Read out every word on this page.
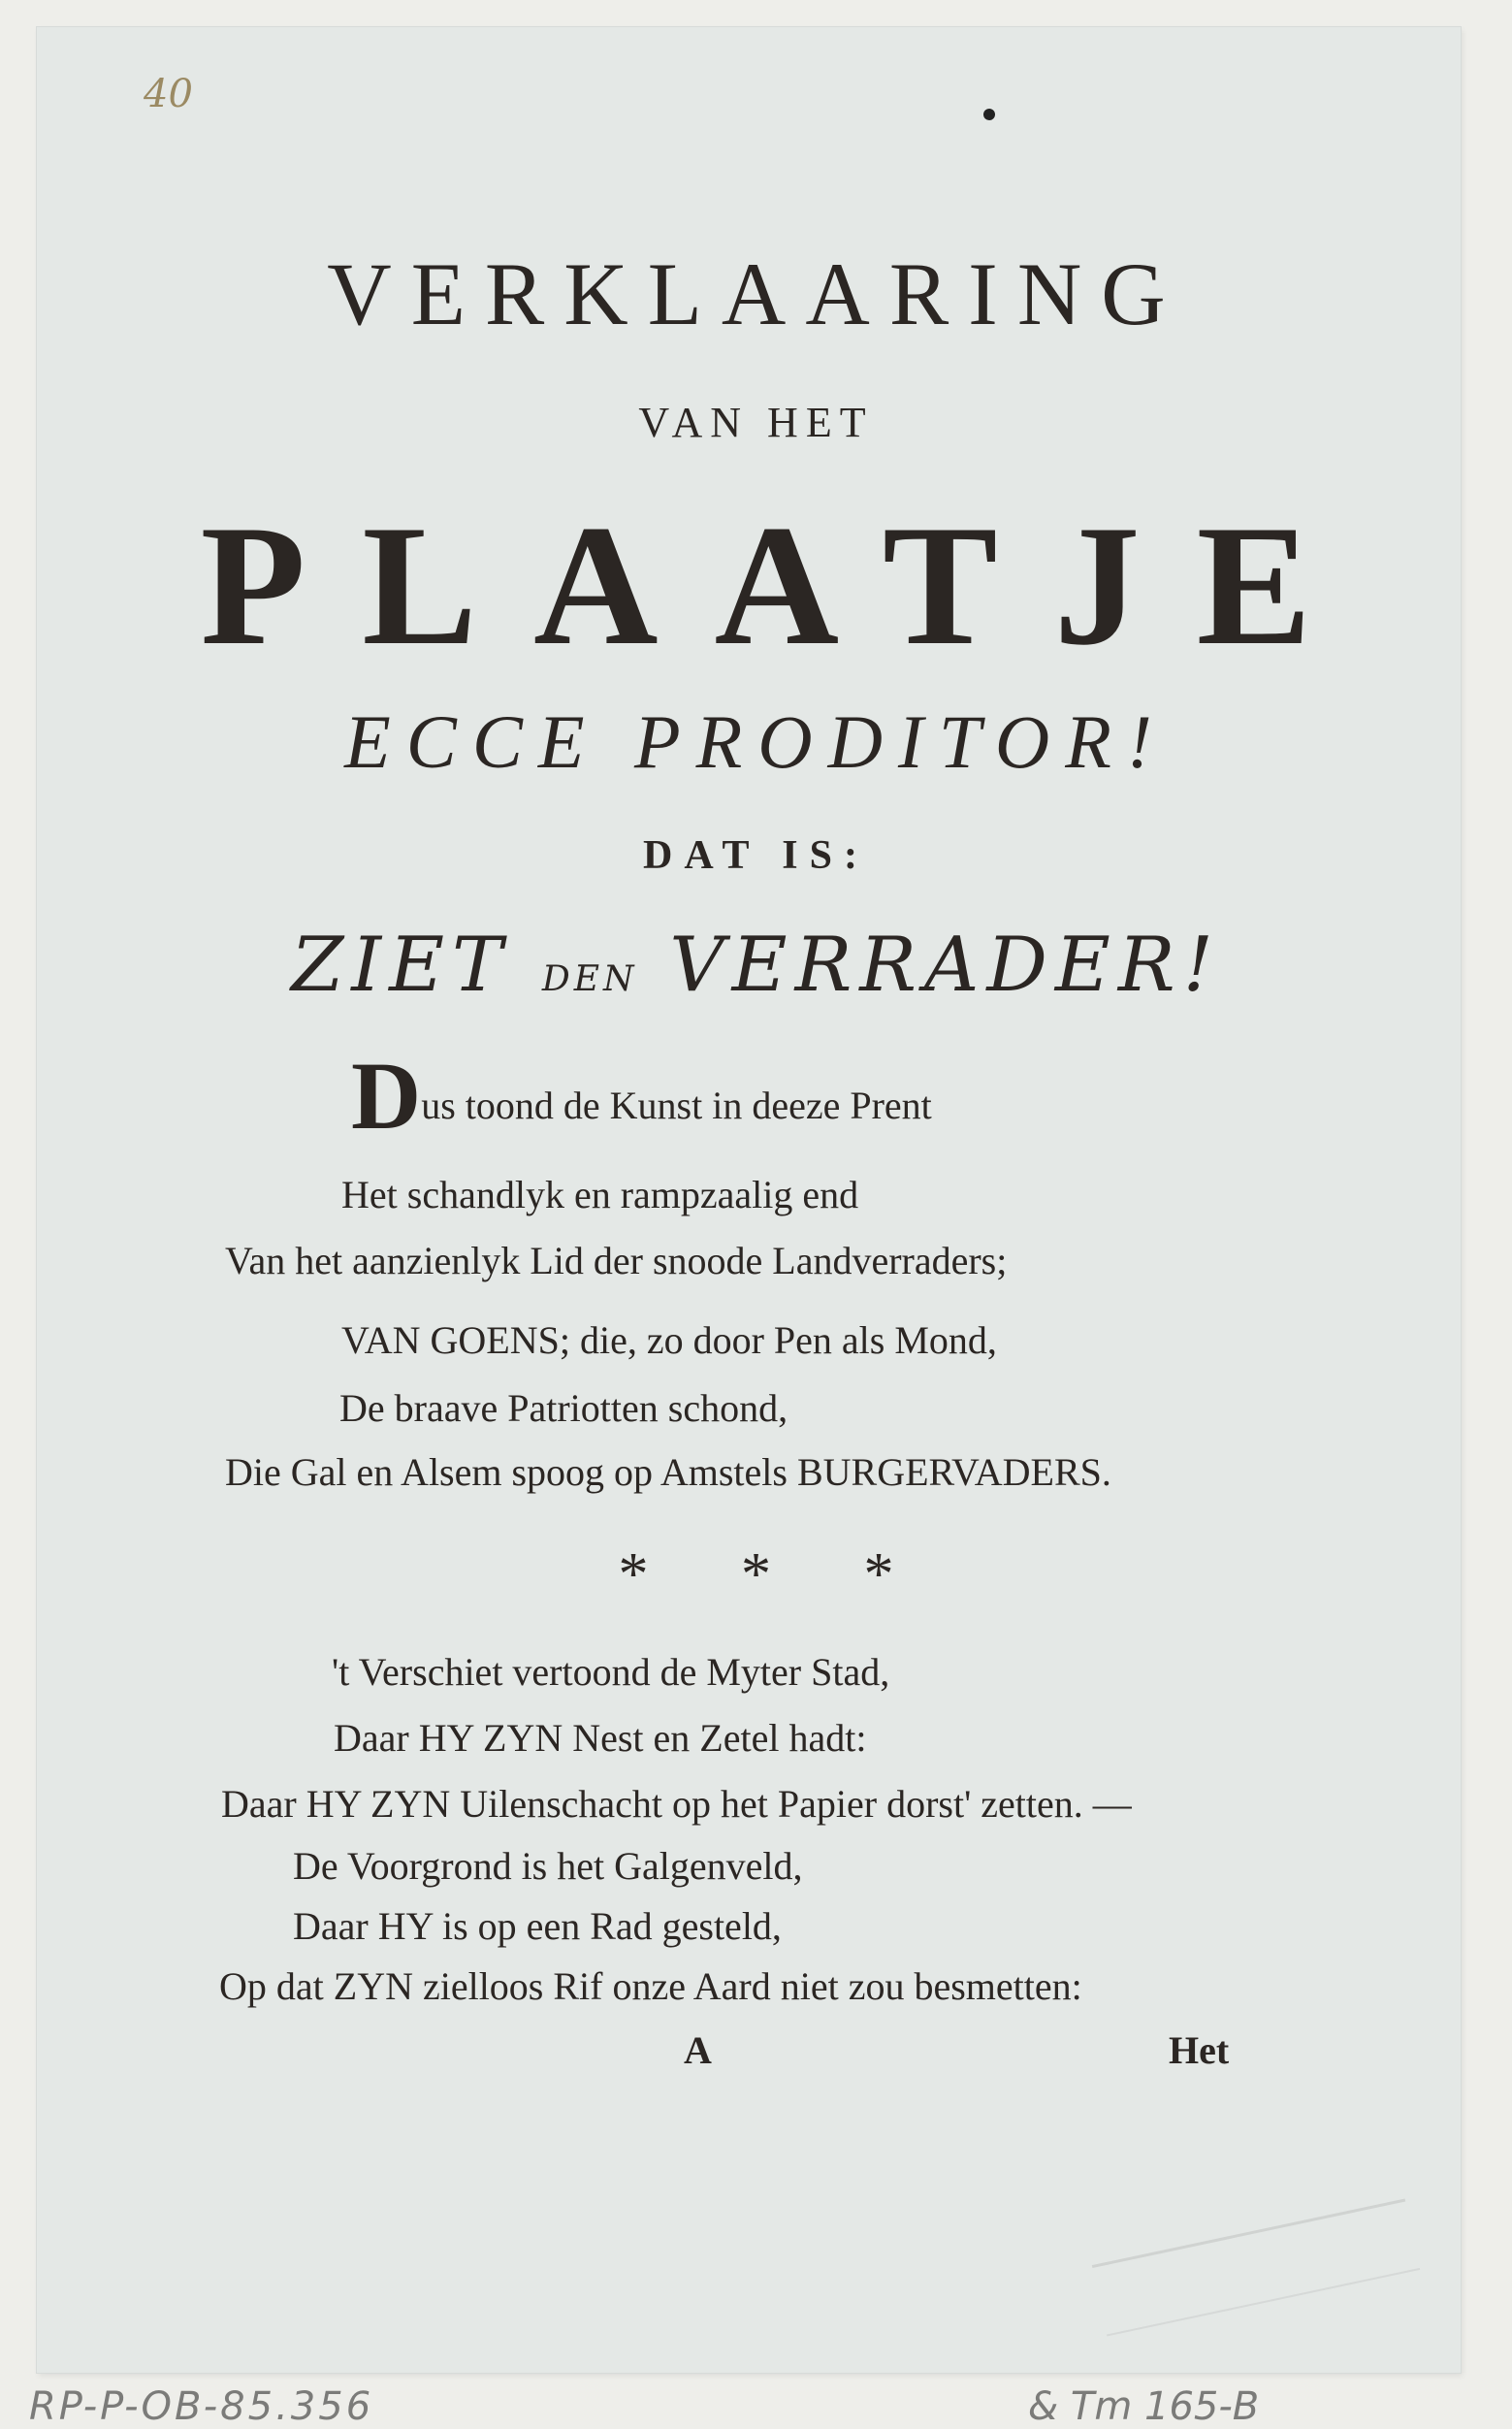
40
VERKLAARING
VAN HET
PLAATJE
ECCE PRODITOR!
DAT IS:
ZIET DEN VERRADER!
Dus toond de Kunst in deeze Prent
Het schandlyk en rampzaalig end
Van het aanzienlyk Lid der snoode Landverraders;
VAN GOENS; die, zo door Pen als Mond,
De braave Patriotten schond,
Die Gal en Alsem spoog op Amstels BURGERVADERS.
* * *
't Verschiet vertoond de Myter Stad,
Daar HY ZYN Nest en Zetel hadt:
Daar HY ZYN Uilenschacht op het Papier dorst' zetten. —
De Voorgrond is het Galgenveld,
Daar HY is op een Rad gesteld,
Op dat ZYN zielloos Rif onze Aard niet zou besmetten:
A	Het
RP-P-OB-85.356	& Tm 165-B
